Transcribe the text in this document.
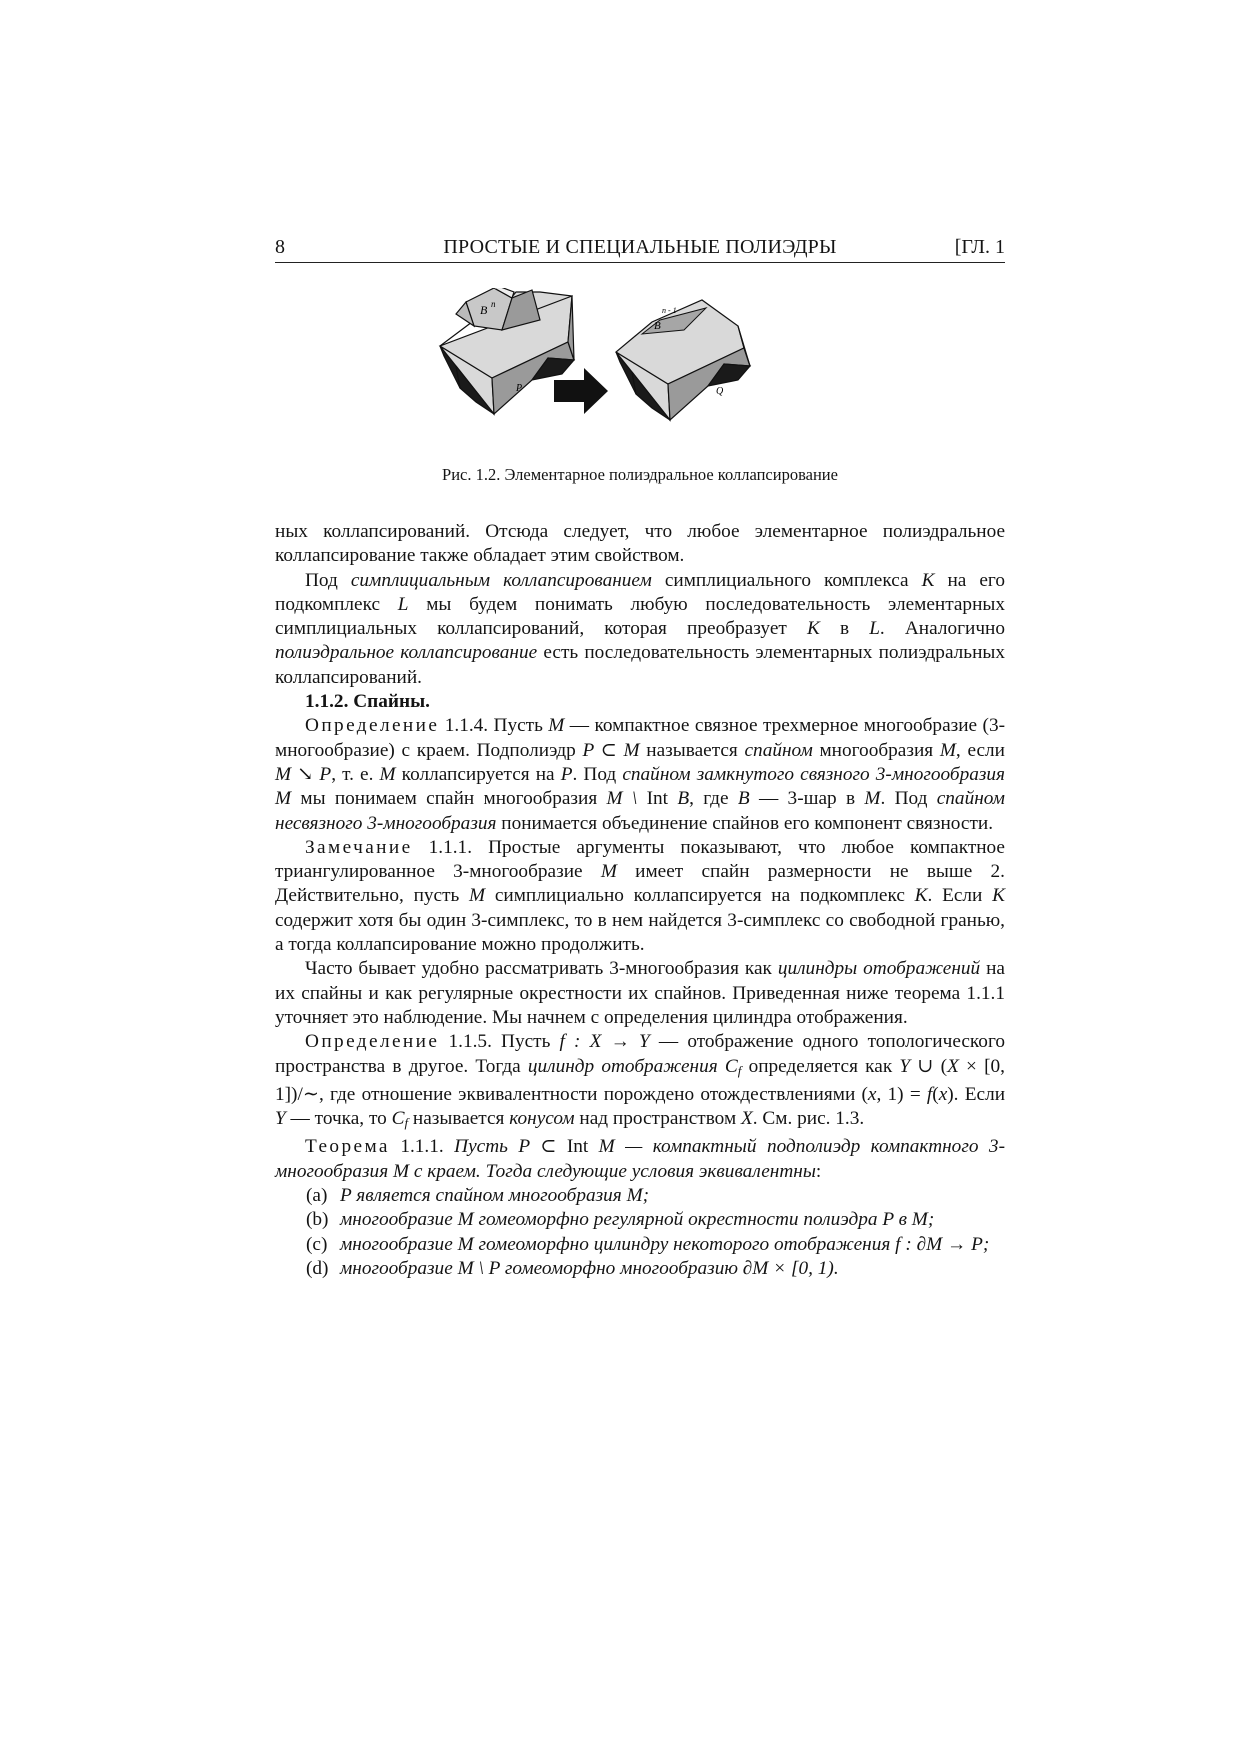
8	ПРОСТЫЕ И СПЕЦИАЛЬНЫЕ ПОЛИЭДРЫ	[ГЛ. 1
B n
P
B
n - 1
Q
Рис. 1.2. Элементарное полиэдральное коллапсирование

ных коллапсирований. Отсюда следует, что любое элементарное полиэдральное коллапсирование также обладает этим свойством.

Под симплициальным коллапсированием симплициального комплекса K на его подкомплекс L мы будем понимать любую последовательность элементарных симплициальных коллапсирований, которая преобразует K в L. Аналогично полиэдральное коллапсирование есть последовательность элементарных полиэдральных коллапсирований.

1.1.2. Спайны.

Определение 1.1.4. Пусть M — компактное связное трехмерное многообразие (3-многообразие) с краем. Подполиэдр P ⊂ M называется спайном многообразия M, если M ↘ P, т. е. M коллапсируется на P. Под спайном замкнутого связного 3-многообразия M мы понимаем спайн многообразия M \ Int B, где B — 3-шар в M. Под спайном несвязного 3-многообразия понимается объединение спайнов его компонент связности.

Замечание 1.1.1. Простые аргументы показывают, что любое компактное триангулированное 3-многообразие M имеет спайн размерности не выше 2. Действительно, пусть M симплициально коллапсируется на подкомплекс K. Если K содержит хотя бы один 3-симплекс, то в нем найдется 3-симплекс со свободной гранью, а тогда коллапсирование можно продолжить.

Часто бывает удобно рассматривать 3-многообразия как цилиндры отображений на их спайны и как регулярные окрестности их спайнов. Приведенная ниже теорема 1.1.1 уточняет это наблюдение. Мы начнем с определения цилиндра отображения.

Определение 1.1.5. Пусть f : X → Y — отображение одного топологического пространства в другое. Тогда цилиндр отображения $C_f$ определяется как Y ∪ (X × [0, 1])/∼, где отношение эквивалентности порождено отождествлениями (x, 1) = f(x). Если Y — точка, то $C_f$ называется конусом над пространством X. См. рис. 1.3.

Теорема 1.1.1. Пусть P ⊂ Int M — компактный подполиэдр компактного 3-многообразия M с краем. Тогда следующие условия эквивалентны:

(a) P является спайном многообразия M;
(b) многообразие M гомеоморфно регулярной окрестности полиэдра P в M;
(c) многообразие M гомеоморфно цилиндру некоторого отображения f : ∂M → P;
(d) многообразие M \ P гомеоморфно многообразию ∂M × [0, 1).
